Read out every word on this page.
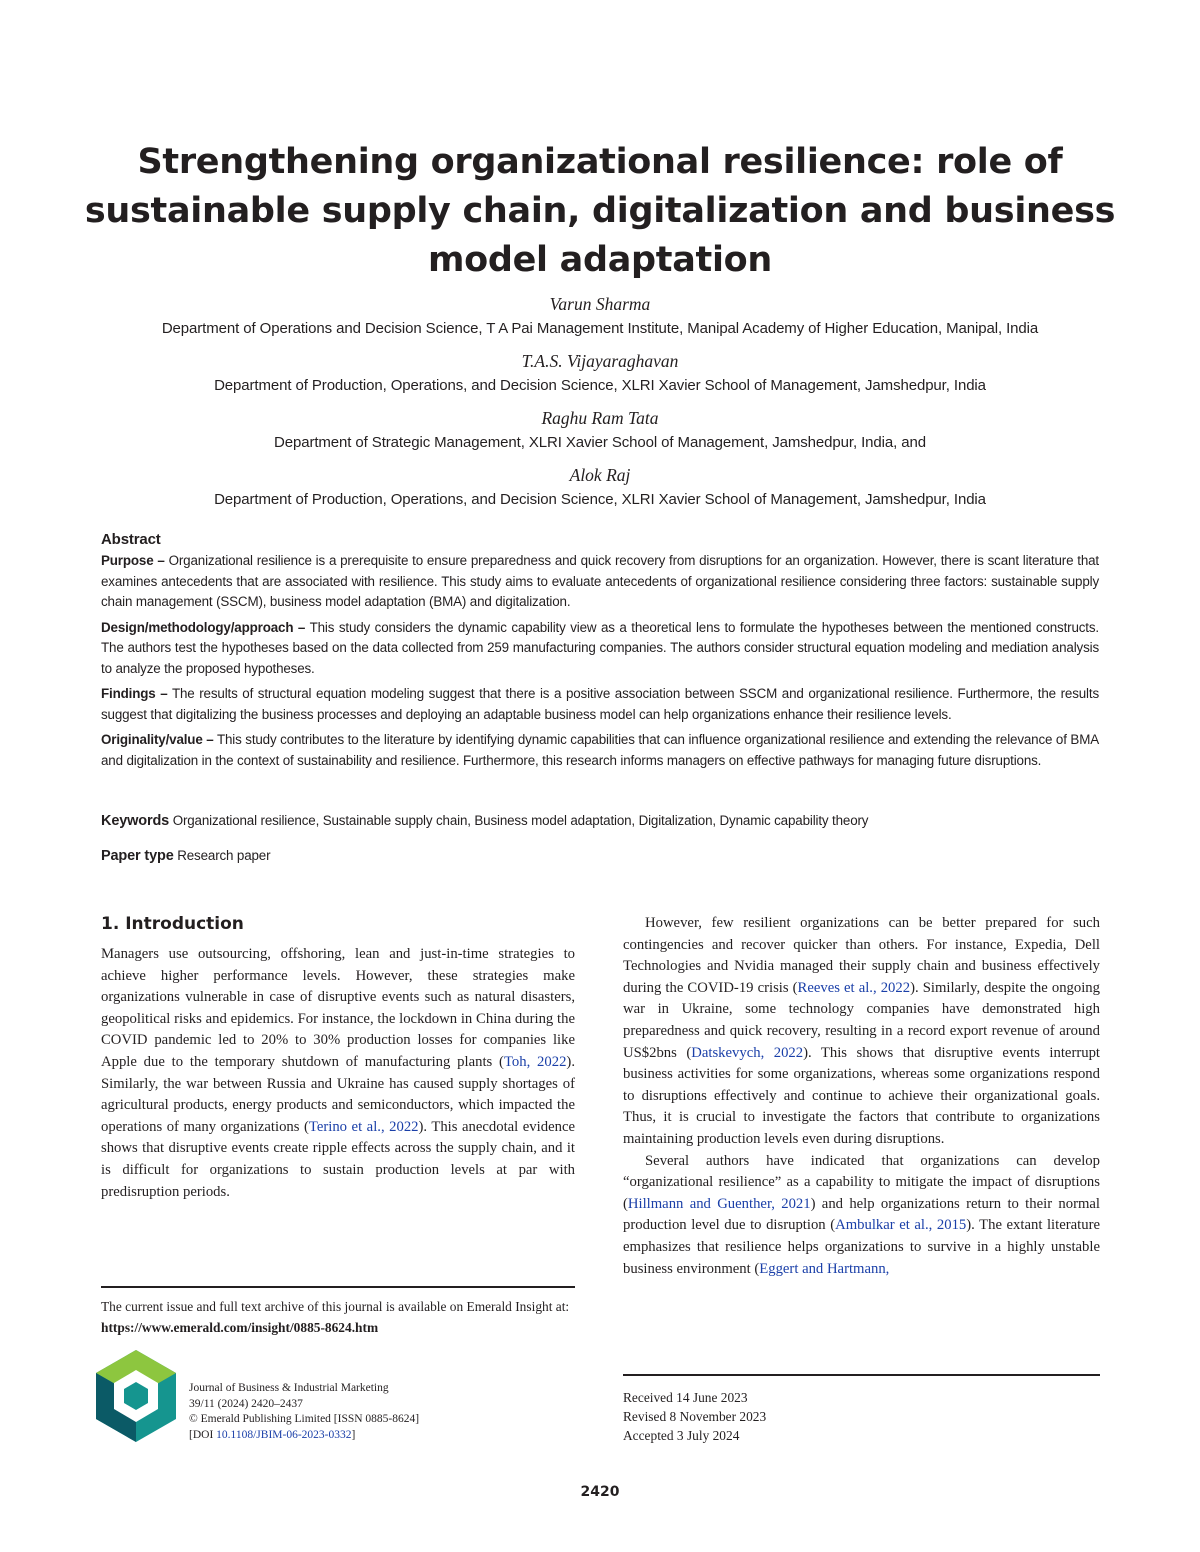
Strengthening organizational resilience: role of sustainable supply chain, digitalization and business model adaptation

Varun Sharma

Department of Operations and Decision Science, T A Pai Management Institute, Manipal Academy of Higher Education, Manipal, India

T.A.S. Vijayaraghavan

Department of Production, Operations, and Decision Science, XLRI Xavier School of Management, Jamshedpur, India

Raghu Ram Tata

Department of Strategic Management, XLRI Xavier School of Management, Jamshedpur, India, and

Alok Raj

Department of Production, Operations, and Decision Science, XLRI Xavier School of Management, Jamshedpur, India

Abstract

Purpose – Organizational resilience is a prerequisite to ensure preparedness and quick recovery from disruptions for an organization. However, there is scant literature that examines antecedents that are associated with resilience. This study aims to evaluate antecedents of organizational resilience considering three factors: sustainable supply chain management (SSCM), business model adaptation (BMA) and digitalization.

Design/methodology/approach – This study considers the dynamic capability view as a theoretical lens to formulate the hypotheses between the mentioned constructs. The authors test the hypotheses based on the data collected from 259 manufacturing companies. The authors consider structural equation modeling and mediation analysis to analyze the proposed hypotheses.

Findings – The results of structural equation modeling suggest that there is a positive association between SSCM and organizational resilience. Furthermore, the results suggest that digitalizing the business processes and deploying an adaptable business model can help organizations enhance their resilience levels.

Originality/value – This study contributes to the literature by identifying dynamic capabilities that can influence organizational resilience and extending the relevance of BMA and digitalization in the context of sustainability and resilience. Furthermore, this research informs managers on effective pathways for managing future disruptions.

Keywords Organizational resilience, Sustainable supply chain, Business model adaptation, Digitalization, Dynamic capability theory
Paper type Research paper
1. Introduction

Managers use outsourcing, offshoring, lean and just-in-time strategies to achieve higher performance levels. However, these strategies make organizations vulnerable in case of disruptive events such as natural disasters, geopolitical risks and epidemics. For instance, the lockdown in China during the COVID pandemic led to 20% to 30% production losses for companies like Apple due to the temporary shutdown of manufacturing plants (Toh, 2022). Similarly, the war between Russia and Ukraine has caused supply shortages of agricultural products, energy products and semiconductors, which impacted the operations of many organizations (Terino et al., 2022). This anecdotal evidence shows that disruptive events create ripple effects across the supply chain, and it is difficult for organizations to sustain production levels at par with predisruption periods.

However, few resilient organizations can be better prepared for such contingencies and recover quicker than others. For instance, Expedia, Dell Technologies and Nvidia managed their supply chain and business effectively during the COVID-19 crisis (Reeves et al., 2022). Similarly, despite the ongoing war in Ukraine, some technology companies have demonstrated high preparedness and quick recovery, resulting in a record export revenue of around US$2bns (Datskevych, 2022). This shows that disruptive events interrupt business activities for some organizations, whereas some organizations respond to disruptions effectively and continue to achieve their organizational goals. Thus, it is crucial to investigate the factors that contribute to organizations maintaining production levels even during disruptions.

Several authors have indicated that organizations can develop “organizational resilience” as a capability to mitigate the impact of disruptions (Hillmann and Guenther, 2021) and help organizations return to their normal production level due to disruption (Ambulkar et al., 2015). The extant literature emphasizes that resilience helps organizations to survive in a highly unstable business environment (Eggert and Hartmann,

The current issue and full text archive of this journal is available on Emerald Insight at: https://www.emerald.com/insight/0885-8624.htm
Journal of Business & Industrial Marketing
39/11 (2024) 2420–2437
© Emerald Publishing Limited [ISSN 0885-8624]
[DOI 10.1108/JBIM-06-2023-0332]
Received 14 June 2023
Revised 8 November 2023
Accepted 3 July 2024
2420
